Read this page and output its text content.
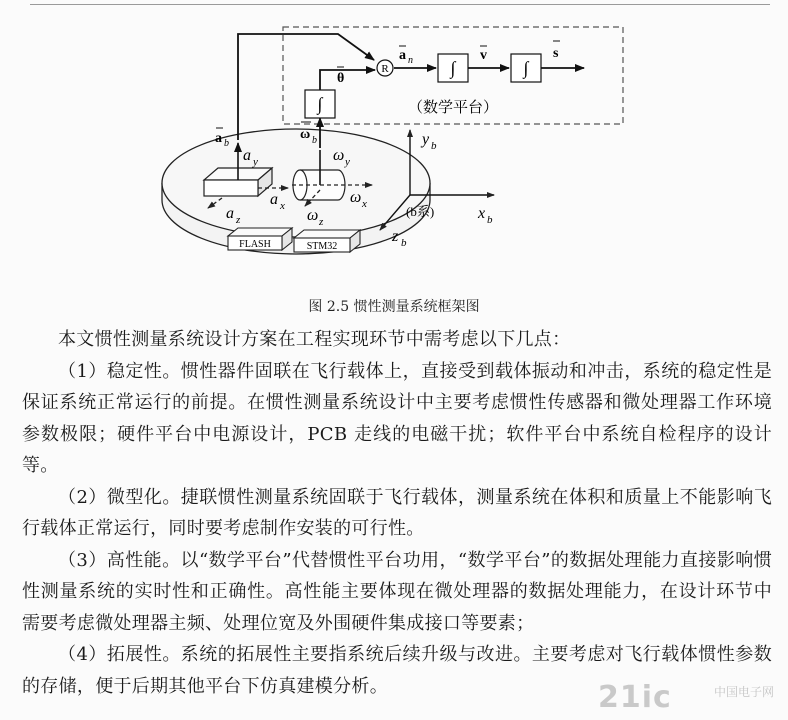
R
∫
∫	∫
a n	v	s
θ
ω b
a b
（数学平台）
a y
a x
a z
ω y
ω x
ω z
y b
x b
z b
(b系)
FLASH	STM32
图 2.5 惯性测量系统框架图

本文惯性测量系统设计方案在工程实现环节中需考虑以下几点：

（1）稳定性。惯性器件固联在飞行载体上，直接受到载体振动和冲击，系统的稳定性是保证系统正常运行的前提。在惯性测量系统设计中主要考虑惯性传感器和微处理器工作环境参数极限；硬件平台中电源设计，PCB 走线的电磁干扰；软件平台中系统自检程序的设计等。

（2）微型化。捷联惯性测量系统固联于飞行载体，测量系统在体积和质量上不能影响飞行载体正常运行，同时要考虑制作安装的可行性。

（3）高性能。以“数学平台”代替惯性平台功用，“数学平台”的数据处理能力直接影响惯性测量系统的实时性和正确性。高性能主要体现在微处理器的数据处理能力，在设计环节中需要考虑微处理器主频、处理位宽及外围硬件集成接口等要素；

（4）拓展性。系统的拓展性主要指系统后续升级与改进。主要考虑对飞行载体惯性参数的存储，便于后期其他平台下仿真建模分析。	21ic	中国电子网
